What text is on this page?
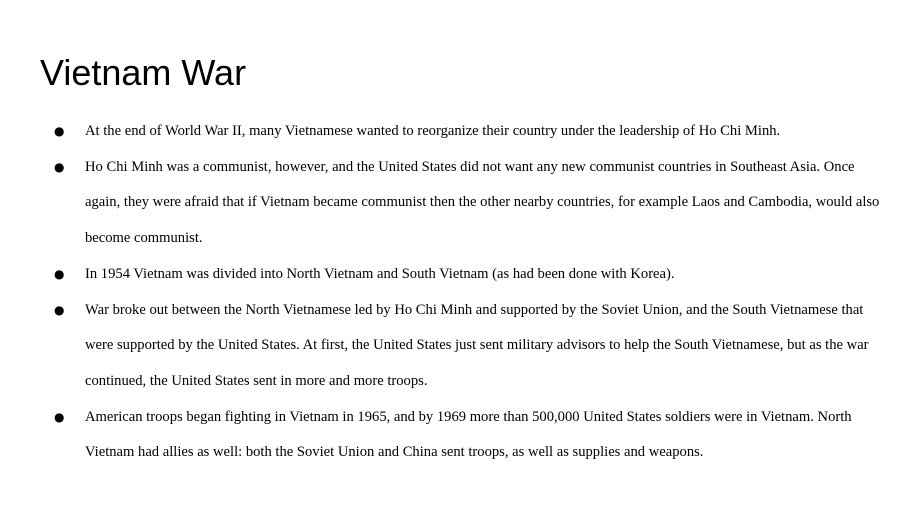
Vietnam War
● At the end of World War II, many Vietnamese wanted to reorganize their country under the leadership of Ho Chi Minh.
● Ho Chi Minh was a communist, however, and the United States did not want any new communist countries in Southeast Asia. Once again, they were afraid that if Vietnam became communist then the other nearby countries, for example Laos and Cambodia, would also become communist.
● In 1954 Vietnam was divided into North Vietnam and South Vietnam (as had been done with Korea).
● War broke out between the North Vietnamese led by Ho Chi Minh and supported by the Soviet Union, and the South Vietnamese that were supported by the United States. At first, the United States just sent military advisors to help the South Vietnamese, but as the war continued, the United States sent in more and more troops.
● American troops began fighting in Vietnam in 1965, and by 1969 more than 500,000 United States soldiers were in Vietnam. North Vietnam had allies as well: both the Soviet Union and China sent troops, as well as supplies and weapons.
